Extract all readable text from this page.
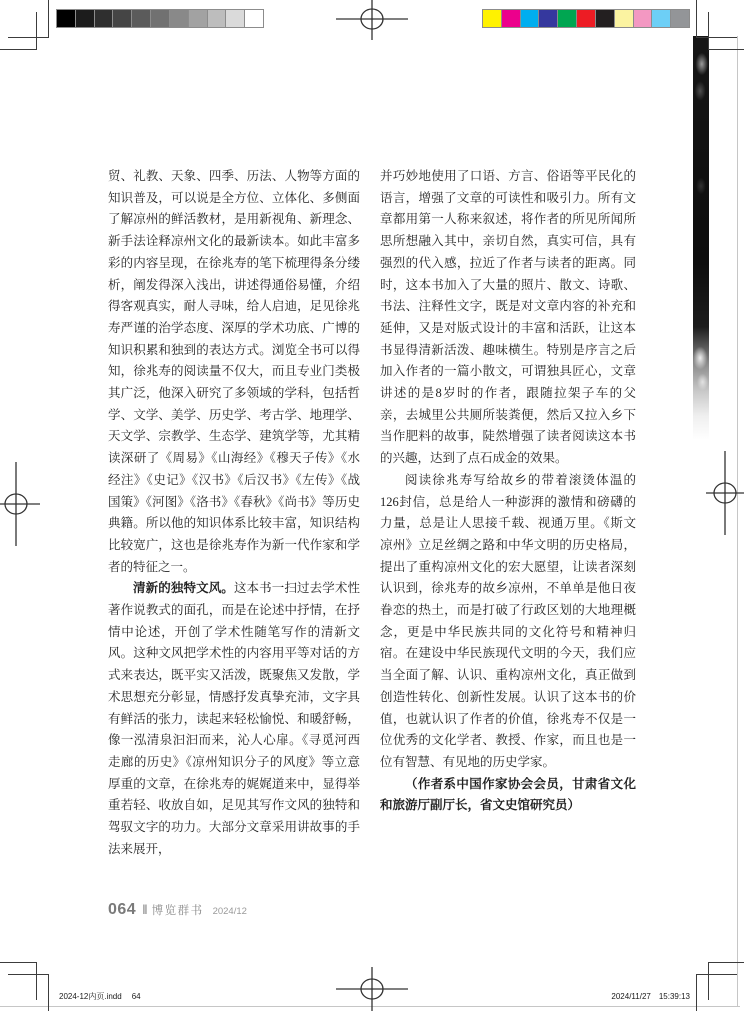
贸、礼教、天象、四季、历法、人物等方面的知识普及，可以说是全方位、立体化、多侧面了解凉州的鲜活教材，是用新视角、新理念、新手法诠释凉州文化的最新读本。如此丰富多彩的内容呈现，在徐兆寿的笔下梳理得条分缕析，阐发得深入浅出，讲述得通俗易懂，介绍得客观真实，耐人寻味，给人启迪，足见徐兆寿严谨的治学态度、深厚的学术功底、广博的知识积累和独到的表达方式。浏览全书可以得知，徐兆寿的阅读量不仅大，而且专业门类极其广泛，他深入研究了多领域的学科，包括哲学、文学、美学、历史学、考古学、地理学、天文学、宗教学、生态学、建筑学等，尤其精读深研了《周易》《山海经》《穆天子传》《水经注》《史记》《汉书》《后汉书》《左传》《战国策》《河图》《洛书》《春秋》《尚书》等历史典籍。所以他的知识体系比较丰富，知识结构比较宽广，这也是徐兆寿作为新一代作家和学者的特征之一。

清新的独特文风。这本书一扫过去学术性著作说教式的面孔，而是在论述中抒情，在抒情中论述，开创了学术性随笔写作的清新文风。这种文风把学术性的内容用平等对话的方式来表达，既平实又活泼，既聚焦又发散，学术思想充分彰显，情感抒发真挚充沛，文字具有鲜活的张力，读起来轻松愉悦、和暖舒畅，像一泓清泉汩汩而来，沁人心扉。《寻觅河西走廊的历史》《凉州知识分子的风度》等立意厚重的文章，在徐兆寿的娓娓道来中，显得举重若轻、收放自如，足见其写作文风的独特和驾驭文字的功力。大部分文章采用讲故事的手法来展开，

并巧妙地使用了口语、方言、俗语等平民化的语言，增强了文章的可读性和吸引力。所有文章都用第一人称来叙述，将作者的所见所闻所思所想融入其中，亲切自然，真实可信，具有强烈的代入感，拉近了作者与读者的距离。同时，这本书加入了大量的照片、散文、诗歌、书法、注释性文字，既是对文章内容的补充和延伸，又是对版式设计的丰富和活跃，让这本书显得清新活泼、趣味横生。特别是序言之后加入作者的一篇小散文，可谓独具匠心，文章讲述的是8岁时的作者，跟随拉架子车的父亲，去城里公共厕所装粪便，然后又拉入乡下当作肥料的故事，陡然增强了读者阅读这本书的兴趣，达到了点石成金的效果。

阅读徐兆寿写给故乡的带着滚烫体温的126封信，总是给人一种澎湃的激情和磅礴的力量，总是让人思接千载、视通万里。《斯文凉州》立足丝绸之路和中华文明的历史格局，提出了重构凉州文化的宏大愿望，让读者深刻认识到，徐兆寿的故乡凉州，不单单是他日夜眷恋的热土，而是打破了行政区划的大地理概念，更是中华民族共同的文化符号和精神归宿。在建设中华民族现代文明的今天，我们应当全面了解、认识、重构凉州文化，真正做到创造性转化、创新性发展。认识了这本书的价值，也就认识了作者的价值，徐兆寿不仅是一位优秀的文化学者、教授、作家，而且也是一位有智慧、有见地的历史学家。

（作者系中国作家协会会员，甘肃省文化和旅游厅副厅长，省文史馆研究员）

064 ‖ 博览群书 2024/12
2024-12内页.indd 64	2024/11/27 15:39:13
